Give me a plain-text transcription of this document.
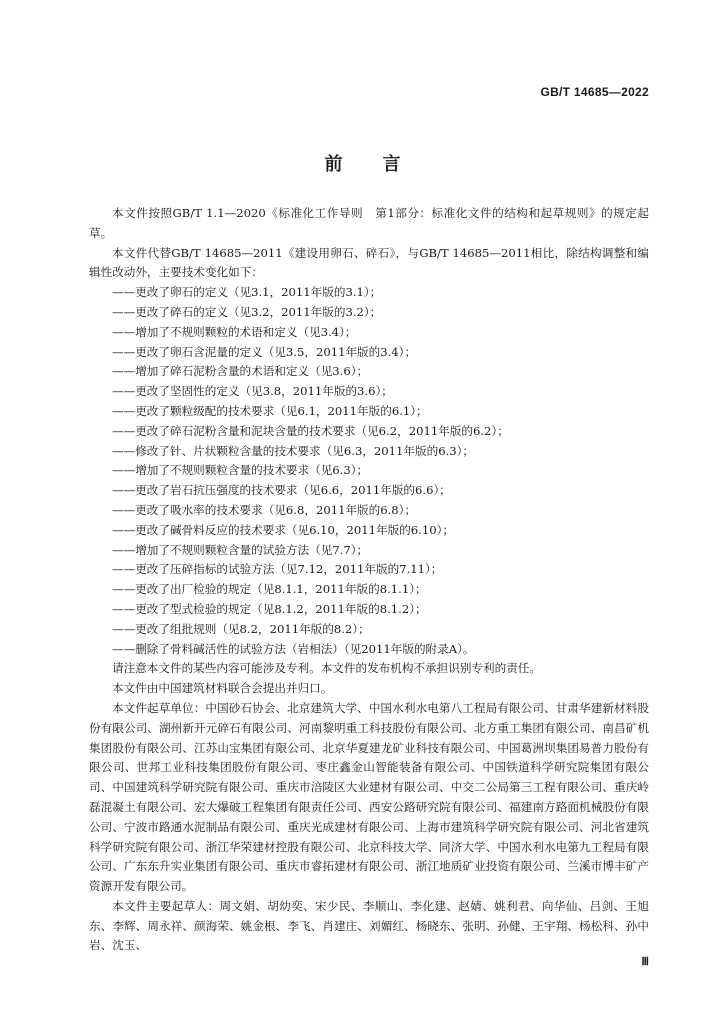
GB/T 14685—2022
前 言

本文件按照GB/T 1.1—2020《标准化工作导则　第1部分：标准化文件的结构和起草规则》的规定起草。

本文件代替GB/T 14685—2011《建设用卵石、碎石》，与GB/T 14685—2011相比，除结构调整和编辑性改动外，主要技术变化如下：

——更改了卵石的定义（见3.1，2011年版的3.1）；

——更改了碎石的定义（见3.2，2011年版的3.2）；

——增加了不规则颗粒的术语和定义（见3.4）；

——更改了卵石含泥量的定义（见3.5，2011年版的3.4）；

——增加了碎石泥粉含量的术语和定义（见3.6）；

——更改了坚固性的定义（见3.8，2011年版的3.6）；

——更改了颗粒级配的技术要求（见6.1，2011年版的6.1）；

——更改了碎石泥粉含量和泥块含量的技术要求（见6.2，2011年版的6.2）；

——修改了针、片状颗粒含量的技术要求（见6.3，2011年版的6.3）；

——增加了不规则颗粒含量的技术要求（见6.3）；

——更改了岩石抗压强度的技术要求（见6.6，2011年版的6.6）；

——更改了吸水率的技术要求（见6.8，2011年版的6.8）；

——更改了碱骨料反应的技术要求（见6.10，2011年版的6.10）；

——增加了不规则颗粒含量的试验方法（见7.7）；

——更改了压碎指标的试验方法（见7.12，2011年版的7.11）；

——更改了出厂检验的规定（见8.1.1，2011年版的8.1.1）；

——更改了型式检验的规定（见8.1.2，2011年版的8.1.2）；

——更改了组批规则（见8.2，2011年版的8.2）；

——删除了骨料碱活性的试验方法（岩相法）（见2011年版的附录A）。

请注意本文件的某些内容可能涉及专利。本文件的发布机构不承担识别专利的责任。

本文件由中国建筑材料联合会提出并归口。

本文件起草单位：中国砂石协会、北京建筑大学、中国水利水电第八工程局有限公司、甘肃华建新材料股份有限公司、湖州新开元碎石有限公司、河南黎明重工科技股份有限公司、北方重工集团有限公司、南昌矿机集团股份有限公司、江苏山宝集团有限公司、北京华夏建龙矿业科技有限公司、中国葛洲坝集团易普力股份有限公司、世邦工业科技集团股份有限公司、枣庄鑫金山智能装备有限公司、中国铁道科学研究院集团有限公司、中国建筑科学研究院有限公司、重庆市涪陵区大业建材有限公司、中交二公局第三工程有限公司、重庆岭磊混凝土有限公司、宏大爆破工程集团有限责任公司、西安公路研究院有限公司、福建南方路面机械股份有限公司、宁波市路通水泥制品有限公司、重庆光成建材有限公司、上海市建筑科学研究院有限公司、河北省建筑科学研究院有限公司、浙江华荣建材控股有限公司、北京科技大学、同济大学、中国水利水电第九工程局有限公司、广东东升实业集团有限公司、重庆市睿拓建材有限公司、浙江地质矿业投资有限公司、兰溪市博丰矿产资源开发有限公司。

本文件主要起草人：周文娟、胡幼奕、宋少民、李顺山、李化建、赵婧、姚利君、向华仙、吕剑、王旭东、李辉、周永祥、颜海荣、姚金根、李飞、肖建庄、刘媚红、杨晓东、张明、孙健、王宇翔、杨松科、孙中岩、沈玉、

Ⅲ
